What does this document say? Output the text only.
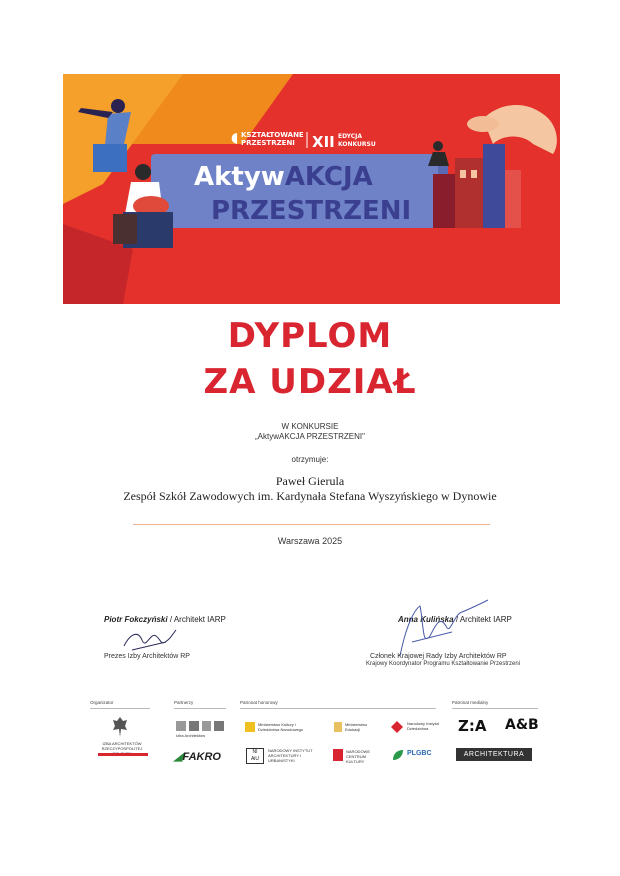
◖ KSZTAŁTOWANE
PRZESTRZENI XII EDYCJA
KONKURSU
AktywAKCJA
PRZESTRZENI
DYPLOM
ZA UDZIAŁ
W KONKURSIE
„AktywAKCJA PRZESTRZENI"
otrzymuje:
Paweł Gierula
Zespół Szkół Zawodowych im. Kardynała Stefana Wyszyńskiego w Dynowie
Warszawa 2025
Piotr Fokczyński / Architekt IARP
Prezes Izby Architektów RP
Anna Kulińska / Architekt IARP
Członek Krajowej Rady Izby Architektów RP
Krajowy Koordynator Programu Kształtowanie Przestrzeni
Organizator	Partnerzy	Patronat honorowy	Patronat medialny
IZBA ARCHITEKTÓW RZECZYPOSPOLITEJ
Izba Architektów
◢FAKRO
Ministerstwo Kultury i Dziedzictwa Narodowego
Ministerstwo Edukacji
Narodowy Instytut Dziedzictwa
NI
AiU
NARODOWY INSTYTUT ARCHITEKTURY I URBANISTYKI
NARODOWE CENTRUM KULTURY
PLGBC
Z:A A&B
ARCHITEKTURA
